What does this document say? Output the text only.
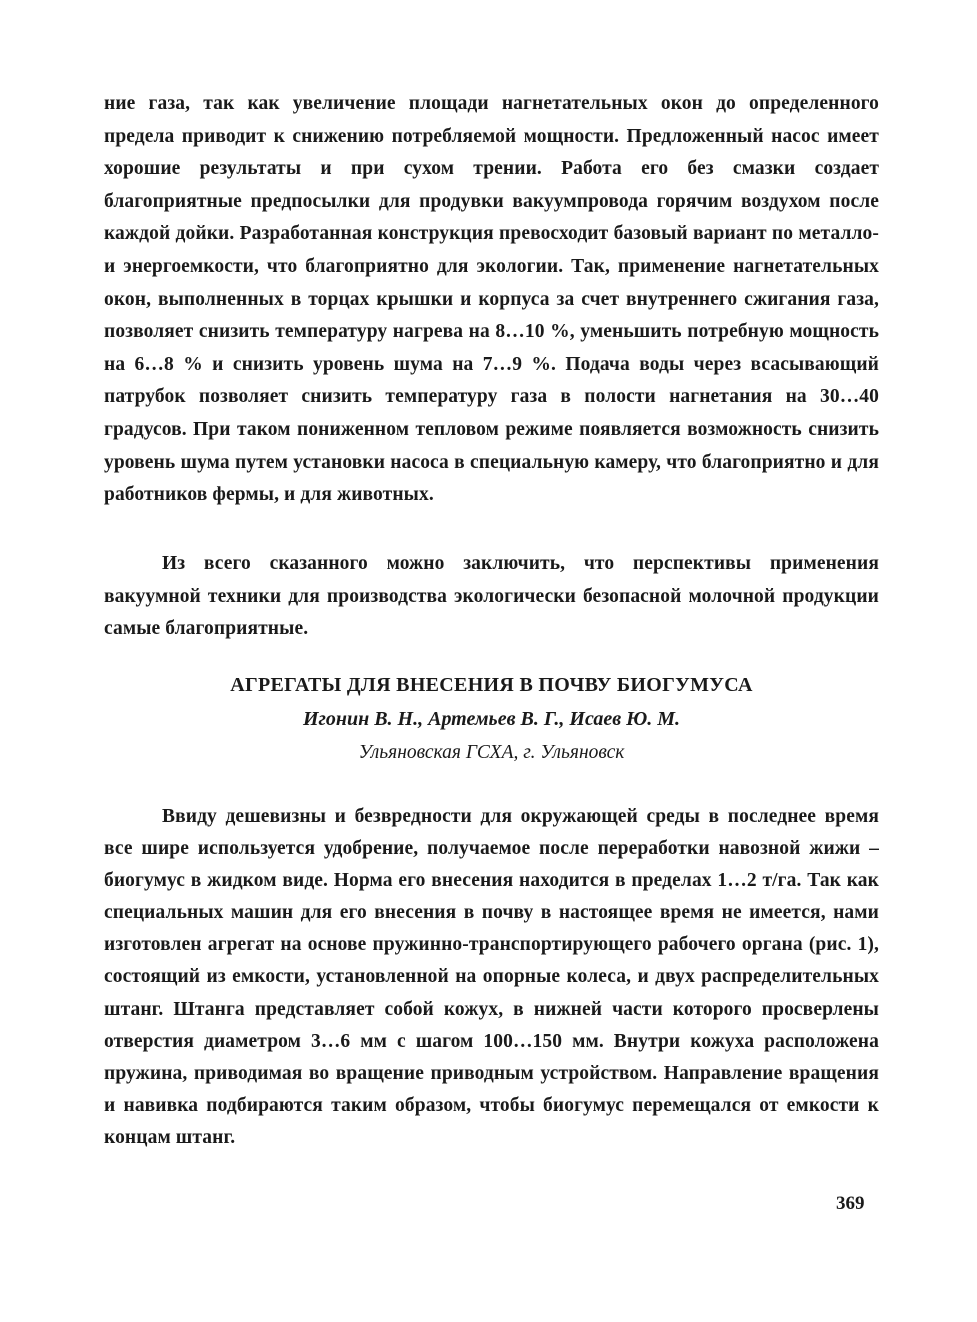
ние газа, так как увеличение площади нагнетательных окон до определенного предела приводит к снижению потребляемой мощности. Предложенный насос имеет хорошие результаты и при сухом трении. Работа его без смазки создает благоприятные предпосылки для продувки вакуумпровода горячим воздухом после каждой дойки. Разработанная конструкция превосходит базовый вариант по металло- и энергоемкости, что благоприятно для экологии. Так, применение нагнетательных окон, выполненных в торцах крышки и корпуса за счет внутреннего сжигания газа, позволяет снизить температуру нагрева на 8…10 %, уменьшить потребную мощность на 6…8 % и снизить уровень шума на 7…9 %. Подача воды через всасывающий патрубок позволяет снизить температуру газа в полости нагнетания на 30…40 градусов. При таком пониженном тепловом режиме появляется возможность снизить уровень шума путем установки насоса в специальную камеру, что благоприятно и для работников фермы, и для животных.

Из всего сказанного можно заключить, что перспективы применения вакуумной техники для производства экологически безопасной молочной продукции самые благоприятные.

АГРЕГАТЫ ДЛЯ ВНЕСЕНИЯ В ПОЧВУ БИОГУМУСА

Игонин В. Н., Артемьев В. Г., Исаев Ю. М.

Ульяновская ГСХА, г. Ульяновск

Ввиду дешевизны и безвредности для окружающей среды в последнее время все шире используется удобрение, получаемое после переработки навозной жижи – биогумус в жидком виде. Норма его внесения находится в пределах 1…2 т/га. Так как специальных машин для его внесения в почву в настоящее время не имеется, нами изготовлен агрегат на основе пружинно-транспортирующего рабочего органа (рис. 1), состоящий из емкости, установленной на опорные колеса, и двух распределительных штанг. Штанга представляет собой кожух, в нижней части которого просверлены отверстия диаметром 3…6 мм с шагом 100…150 мм. Внутри кожуха расположена пружина, приводимая во вращение приводным устройством. Направление вращения и навивка подбираются таким образом, чтобы биогумус перемещался от емкости к концам штанг.

369
